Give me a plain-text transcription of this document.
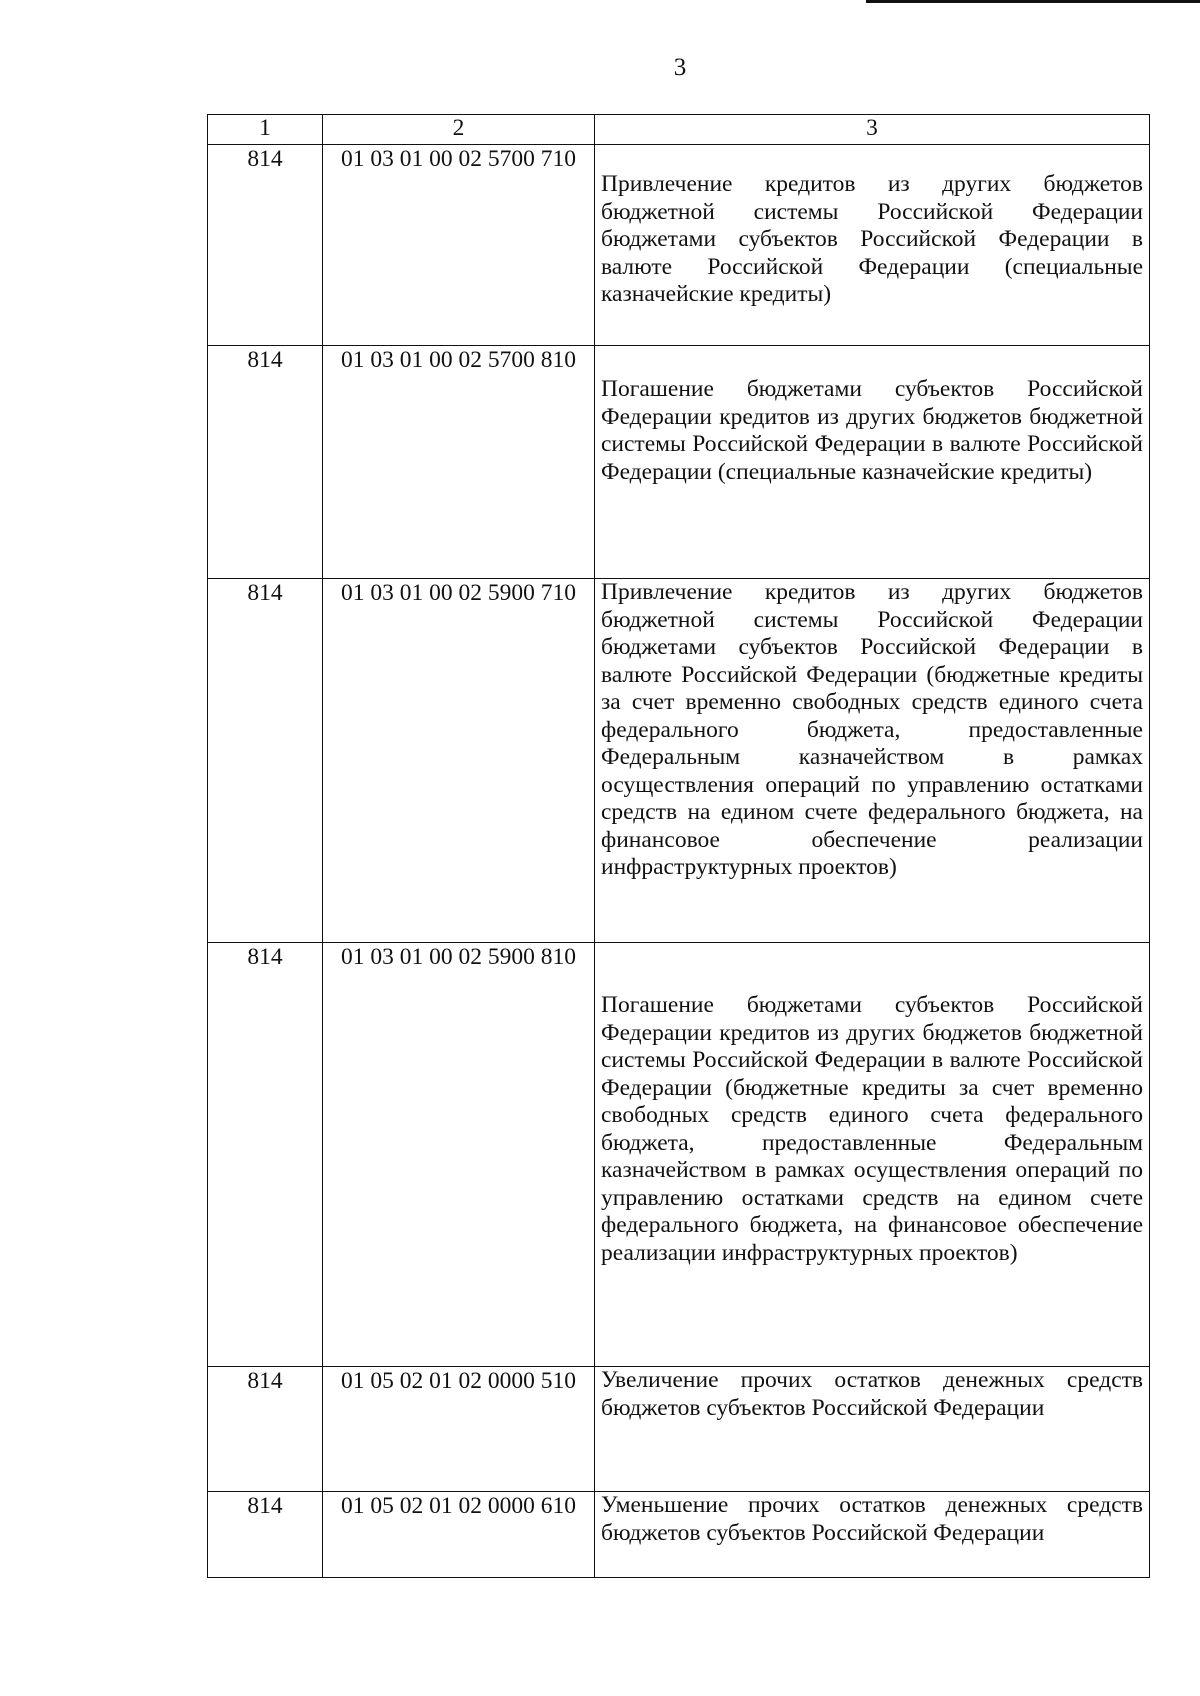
3
1	2	3
814	01 03 01 00 02 5700 710	Привлечение кредитов из других бюджетов бюджетной системы Российской Федерации бюджетами субъектов Российской Федерации в валюте Российской Федерации (специальные казначейские кредиты)

814	01 03 01 00 02 5700 810	Погашение бюджетами субъектов Российской Федерации кредитов из других бюджетов бюджетной системы Российской Федерации в валюте Российской Федерации (специальные казначейские кредиты)

814	01 03 01 00 02 5900 710	Привлечение кредитов из других бюджетов бюджетной системы Российской Федерации бюджетами субъектов Российской Федерации в валюте Российской Федерации (бюджетные кредиты за счет временно свободных средств единого счета федерального бюджета, предоставленные Федеральным казначейством в рамках осуществления операций по управлению остатками средств на едином счете федерального бюджета, на финансовое обеспечение реализации инфраструктурных проектов)

814	01 03 01 00 02 5900 810	Погашение бюджетами субъектов Российской Федерации кредитов из других бюджетов бюджетной системы Российской Федерации в валюте Российской Федерации (бюджетные кредиты за счет временно свободных средств единого счета федерального бюджета, предоставленные Федеральным казначейством в рамках осуществления операций по управлению остатками средств на едином счете федерального бюджета, на финансовое обеспечение реализации инфраструктурных проектов)

814	01 05 02 01 02 0000 510	Увеличение прочих остатков денежных средств бюджетов субъектов Российской Федерации

814	01 05 02 01 02 0000 610	Уменьшение прочих остатков денежных средств бюджетов субъектов Российской Федерации
